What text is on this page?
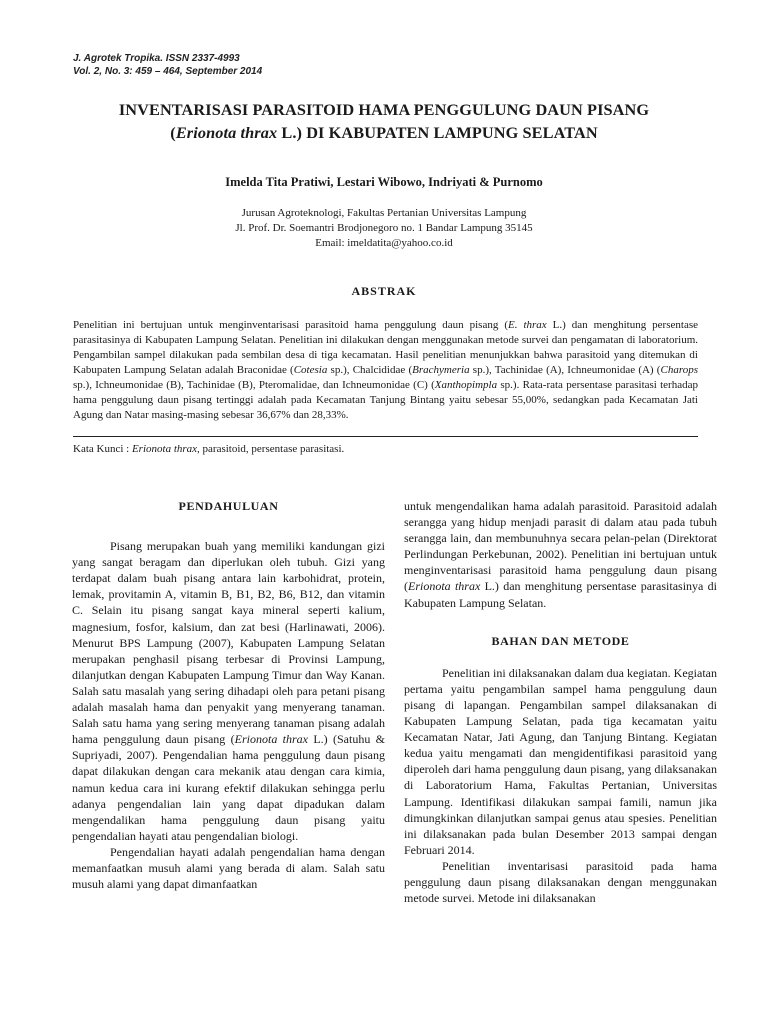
J. Agrotek Tropika. ISSN 2337-4993
Vol. 2, No. 3: 459 – 464, September 2014
INVENTARISASI PARASITOID HAMA PENGGULUNG DAUN PISANG
(Erionota thrax L.) DI KABUPATEN LAMPUNG SELATAN
Imelda Tita Pratiwi, Lestari Wibowo, Indriyati & Purnomo
Jurusan Agroteknologi, Fakultas Pertanian Universitas Lampung
Jl. Prof. Dr. Soemantri Brodjonegoro no. 1 Bandar Lampung 35145
Email: imeldatita@yahoo.co.id
ABSTRAK

Penelitian ini bertujuan untuk menginventarisasi parasitoid hama penggulung daun pisang (E. thrax L.) dan menghitung persentase parasitasinya di Kabupaten Lampung Selatan. Penelitian ini dilakukan dengan menggunakan metode survei dan pengamatan di laboratorium. Pengambilan sampel dilakukan pada sembilan desa di tiga kecamatan. Hasil penelitian menunjukkan bahwa parasitoid yang ditemukan di Kabupaten Lampung Selatan adalah Braconidae (Cotesia sp.), Chalcididae (Brachymeria sp.), Tachinidae (A), Ichneumonidae (A) (Charops sp.), Ichneumonidae (B), Tachinidae (B), Pteromalidae, dan Ichneumonidae (C) (Xanthopimpla sp.). Rata-rata persentase parasitasi terhadap hama penggulung daun pisang tertinggi adalah pada Kecamatan Tanjung Bintang yaitu sebesar 55,00%, sedangkan pada Kecamatan Jati Agung dan Natar masing-masing sebesar 36,67% dan 28,33%.

Kata Kunci : Erionota thrax, parasitoid, persentase parasitasi.
PENDAHULUAN

Pisang merupakan buah yang memiliki kandungan gizi yang sangat beragam dan diperlukan oleh tubuh. Gizi yang terdapat dalam buah pisang antara lain karbohidrat, protein, lemak, provitamin A, vitamin B, B1, B2, B6, B12, dan vitamin C. Selain itu pisang sangat kaya mineral seperti kalium, magnesium, fosfor, kalsium, dan zat besi (Harlinawati, 2006). Menurut BPS Lampung (2007), Kabupaten Lampung Selatan merupakan penghasil pisang terbesar di Provinsi Lampung, dilanjutkan dengan Kabupaten Lampung Timur dan Way Kanan. Salah satu masalah yang sering dihadapi oleh para petani pisang adalah masalah hama dan penyakit yang menyerang tanaman. Salah satu hama yang sering menyerang tanaman pisang adalah hama penggulung daun pisang (Erionota thrax L.) (Satuhu & Supriyadi, 2007). Pengendalian hama penggulung daun pisang dapat dilakukan dengan cara mekanik atau dengan cara kimia, namun kedua cara ini kurang efektif dilakukan sehingga perlu adanya pengendalian lain yang dapat dipadukan dalam mengendalikan hama penggulung daun pisang yaitu pengendalian hayati atau pengendalian biologi.

Pengendalian hayati adalah pengendalian hama dengan memanfaatkan musuh alami yang berada di alam. Salah satu musuh alami yang dapat dimanfaatkan

untuk mengendalikan hama adalah parasitoid. Parasitoid adalah serangga yang hidup menjadi parasit di dalam atau pada tubuh serangga lain, dan membunuhnya secara pelan-pelan (Direktorat Perlindungan Perkebunan, 2002). Penelitian ini bertujuan untuk menginventarisasi parasitoid hama penggulung daun pisang (Erionota thrax L.) dan menghitung persentase parasitasinya di Kabupaten Lampung Selatan.

BAHAN DAN METODE

Penelitian ini dilaksanakan dalam dua kegiatan. Kegiatan pertama yaitu pengambilan sampel hama penggulung daun pisang di lapangan. Pengambilan sampel dilaksanakan di Kabupaten Lampung Selatan, pada tiga kecamatan yaitu Kecamatan Natar, Jati Agung, dan Tanjung Bintang. Kegiatan kedua yaitu mengamati dan mengidentifikasi parasitoid yang diperoleh dari hama penggulung daun pisang, yang dilaksanakan di Laboratorium Hama, Fakultas Pertanian, Universitas Lampung. Identifikasi dilakukan sampai famili, namun jika dimungkinkan dilanjutkan sampai genus atau spesies. Penelitian ini dilaksanakan pada bulan Desember 2013 sampai dengan Februari 2014.

Penelitian inventarisasi parasitoid pada hama penggulung daun pisang dilaksanakan dengan menggunakan metode survei. Metode ini dilaksanakan
